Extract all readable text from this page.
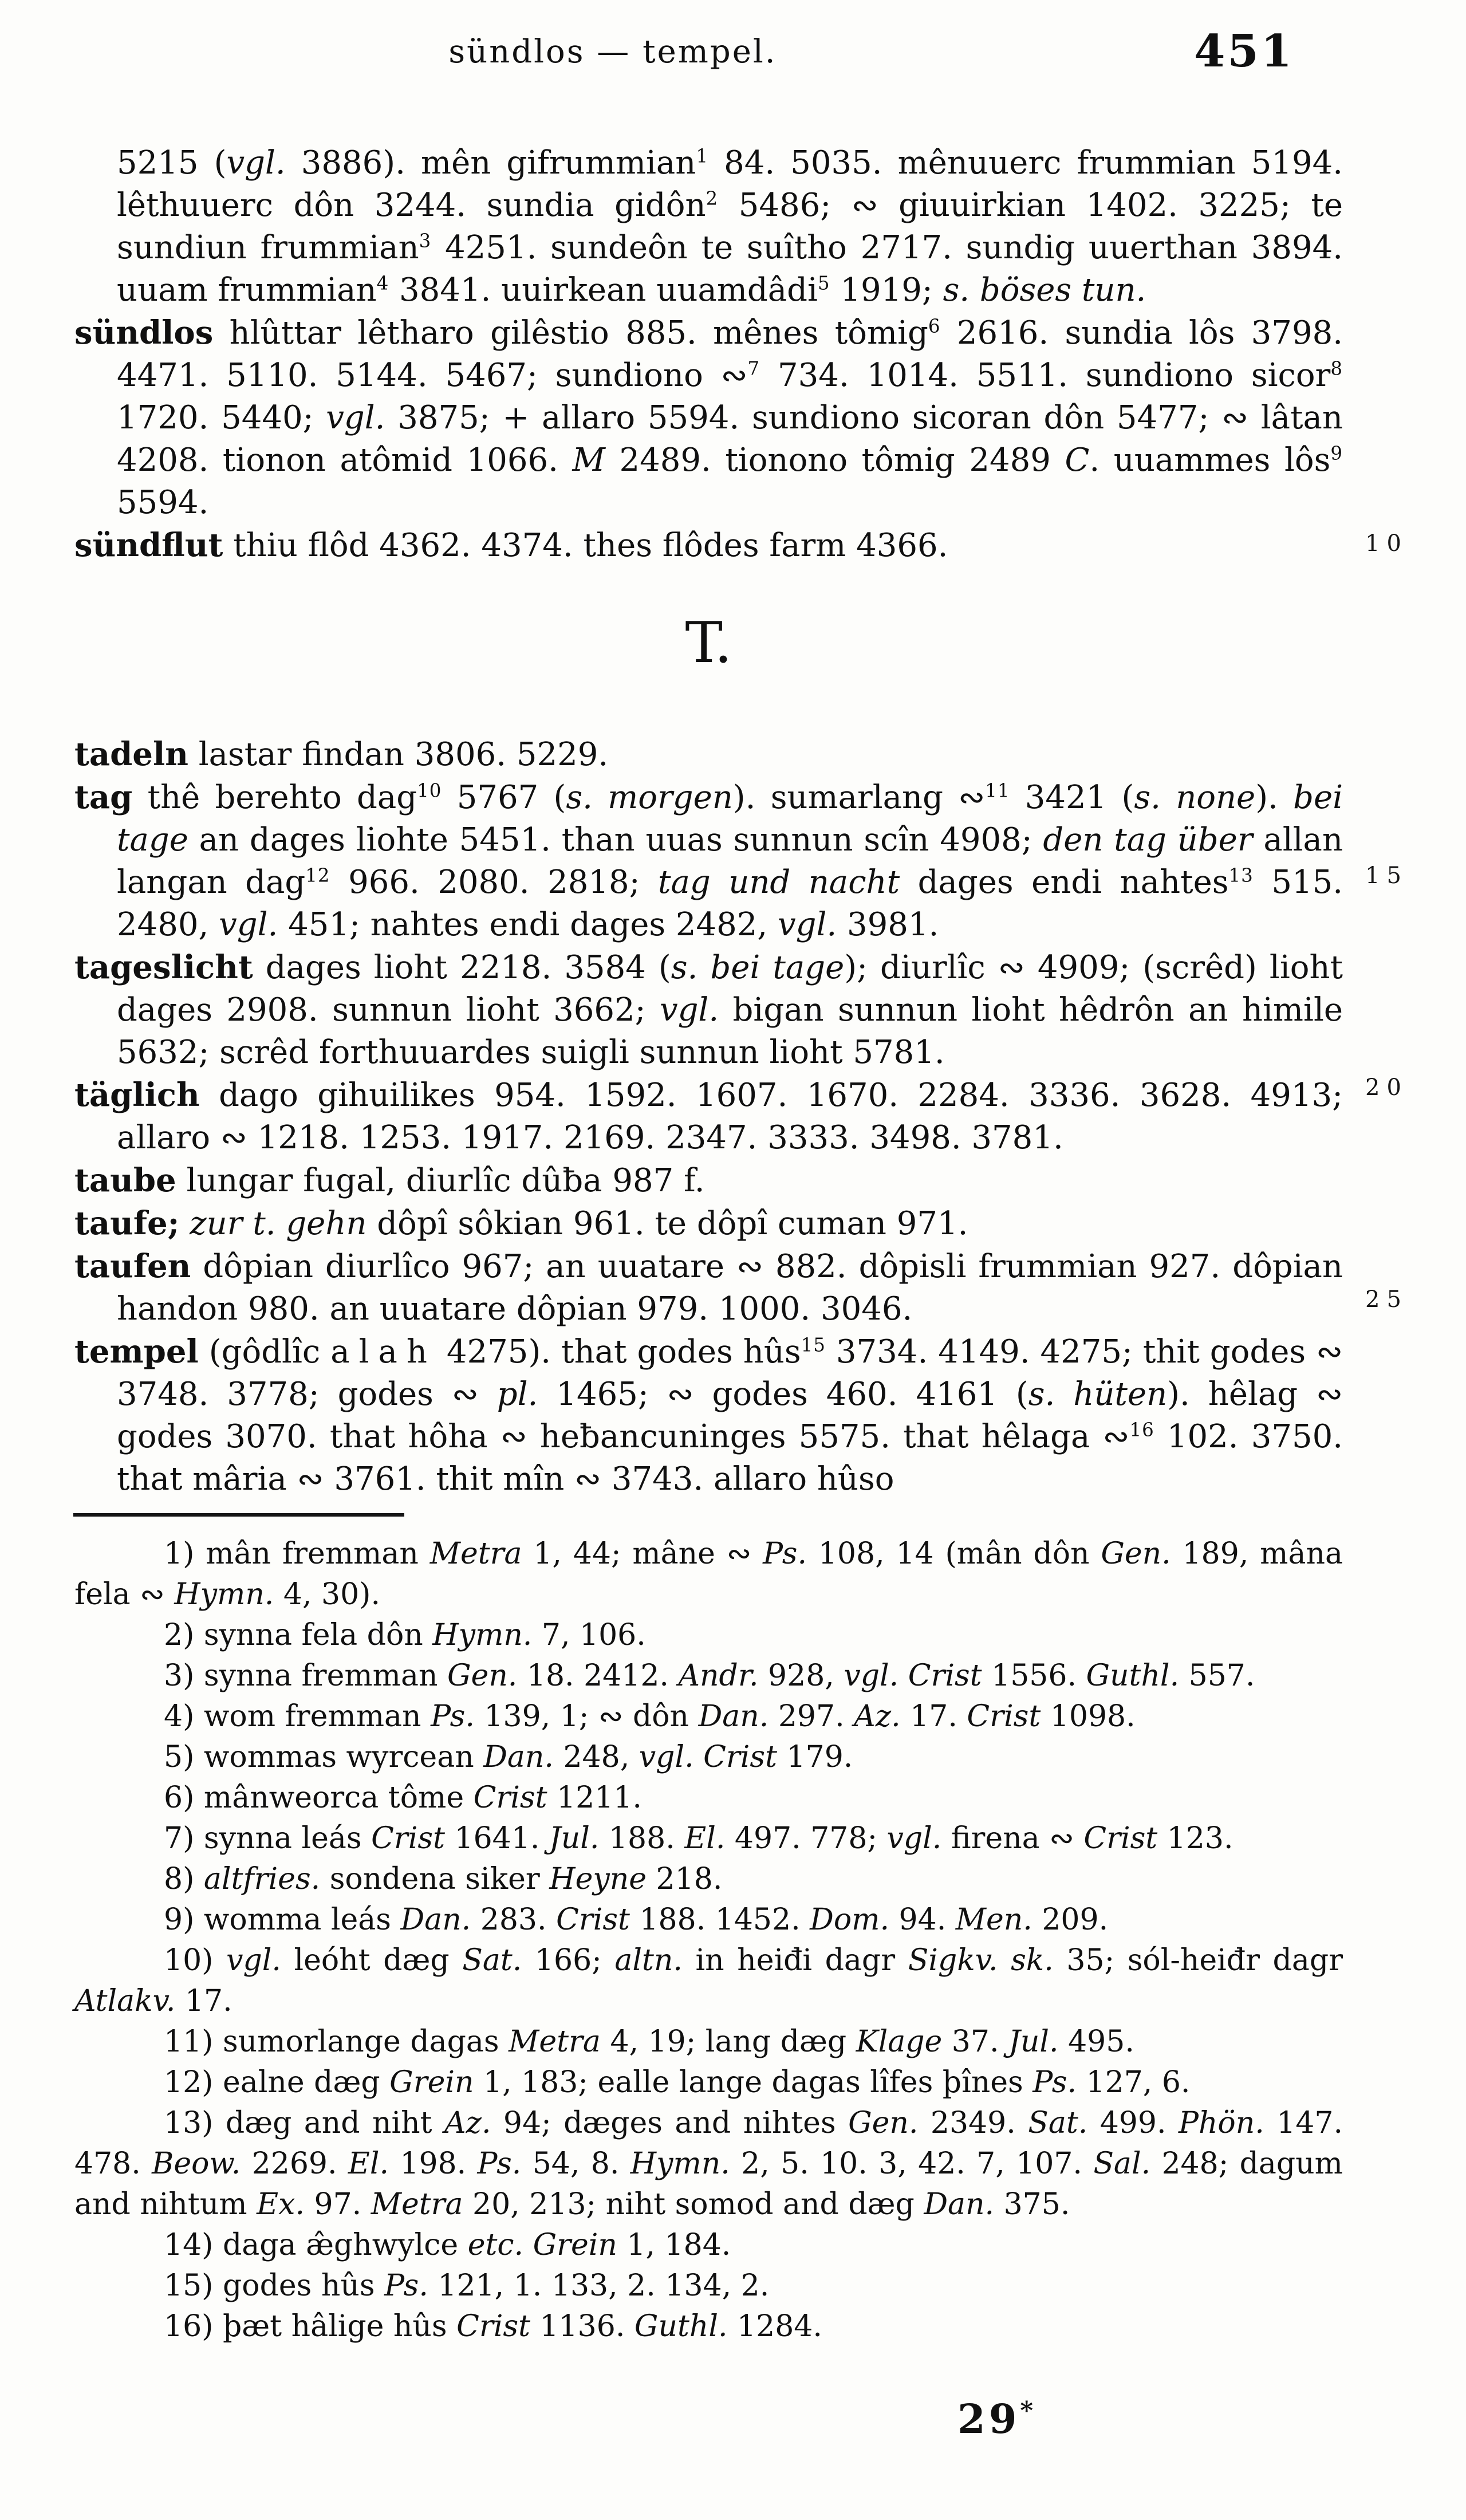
sündlos — tempel.	451

5215 (vgl. 3886). mên gifrummian$^1$ 84. 5035. mênuuerc frummian 5194. lêthuuerc dôn 3244. sundia gidôn$^2$ 5486; ∾ giuuirkian 1402. 3225; te sundiun frummian$^3$ 4251. sundeôn te suîtho 2717. sundig uuerthan 3894. uuam frummian$^4$ 3841. uuirkean uuamdâdi$^5$ 1919; s. böses tun.

sündlos hlûttar lêtharo gilêstio 885. mênes tômig$^6$ 2616. sundia lôs 3798. 4471. 5110. 5144. 5467; sundiono ∾$^7$ 734. 1014. 5511. sundiono sicor$^8$ 1720. 5440; vgl. 3875; + allaro 5594. sundiono sicoran dôn 5477; ∾ lâtan 4208. tionon atômid 1066. M 2489. tionono tômig 2489 C. uuammes lôs$^9$ 5594.

sündflut thiu flôd 4362. 4374. thes flôdes farm 4366.

T.

tadeln lastar findan 3806. 5229.

tag thê berehto dag$^{10}$ 5767 (s. morgen). sumarlang ∾$^{11}$ 3421 (s. none). bei tage an dages liohte 5451. than uuas sunnun scîn 4908; den tag über allan langan dag$^{12}$ 966. 2080. 2818; tag und nacht dages endi nahtes$^{13}$ 515. 2480, vgl. 451; nahtes endi dages 2482, vgl. 3981.

tageslicht dages lioht 2218. 3584 (s. bei tage); diurlîc ∾ 4909; (scrêd) lioht dages 2908. sunnun lioht 3662; vgl. bigan sunnun lioht hêdrôn an himile 5632; scrêd forthuuardes suigli sunnun lioht 5781.

täglich dago gihuilikes 954. 1592. 1607. 1670. 2284. 3336. 3628. 4913; allaro ∾ 1218. 1253. 1917. 2169. 2347. 3333. 3498. 3781.

taube lungar fugal, diurlîc dûƀa 987 f.

taufe; zur t. gehn dôpî sôkian 961. te dôpî cuman 971.

taufen dôpian diurlîco 967; an uuatare ∾ 882. dôpisli frummian 927. dôpian handon 980. an uuatare dôpian 979. 1000. 3046.

tempel (gôdlîc alah 4275). that godes hûs$^{15}$ 3734. 4149. 4275; thit godes ∾ 3748. 3778; godes ∾ pl. 1465; ∾ godes 460. 4161 (s. hüten). hêlag ∾ godes 3070. that hôha ∾ heƀancuninges 5575. that hêlaga ∾$^{16}$ 102. 3750. that mâria ∾ 3761. thit mîn ∾ 3743. allaro hûso

1) mân fremman Metra 1, 44; mâne ∾ Ps. 108, 14 (mân dôn Gen. 189, mâna fela ∾ Hymn. 4, 30).

2) synna fela dôn Hymn. 7, 106.

3) synna fremman Gen. 18. 2412. Andr. 928, vgl. Crist 1556. Guthl. 557.

4) wom fremman Ps. 139, 1; ∾ dôn Dan. 297. Az. 17. Crist 1098.

5) wommas wyrcean Dan. 248, vgl. Crist 179.

6) mânweorca tôme Crist 1211.

7) synna leás Crist 1641. Jul. 188. El. 497. 778; vgl. firena ∾ Crist 123.

8) altfries. sondena siker Heyne 218.

9) womma leás Dan. 283. Crist 188. 1452. Dom. 94. Men. 209.

10) vgl. leóht dæg Sat. 166; altn. in heiđi dagr Sigkv. sk. 35; sól-heiđr dagr Atlakv. 17.

11) sumorlange dagas Metra 4, 19; lang dæg Klage 37. Jul. 495.

12) ealne dæg Grein 1, 183; ealle lange dagas lîfes þînes Ps. 127, 6.

13) dæg and niht Az. 94; dæges and nihtes Gen. 2349. Sat. 499. Phön. 147. 478. Beow. 2269. El. 198. Ps. 54, 8. Hymn. 2, 5. 10. 3, 42. 7, 107. Sal. 248; dagum and nihtum Ex. 97. Metra 20, 213; niht somod and dæg Dan. 375.

14) daga æ̂ghwylce etc. Grein 1, 184.

15) godes hûs Ps. 121, 1. 133, 2. 134, 2.

16) þæt hâlige hûs Crist 1136. Guthl. 1284.

10
15
20
25
29*
